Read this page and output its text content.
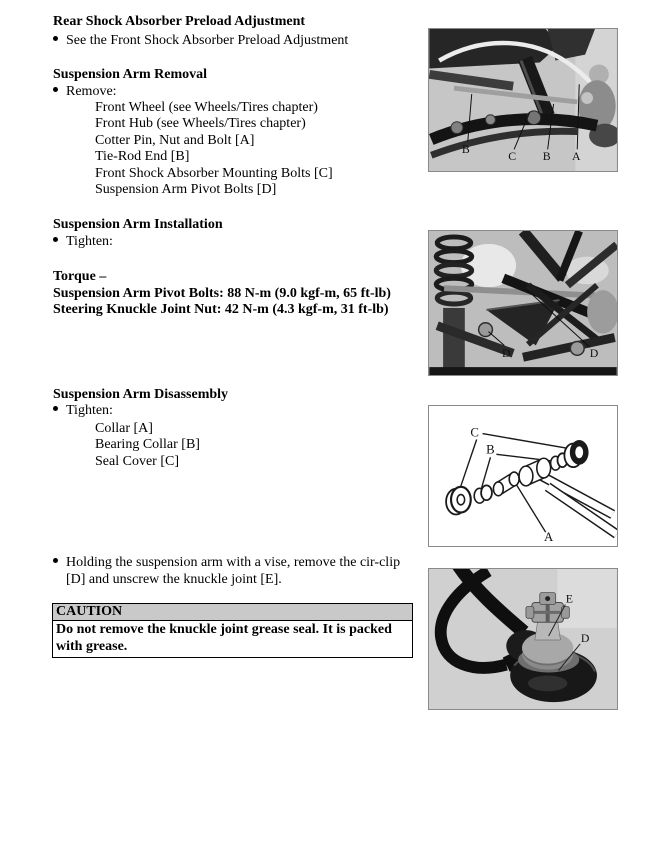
Rear Shock Absorber Preload Adjustment
See the Front Shock Absorber Preload Adjustment
Suspension Arm Removal
Remove:
Front Wheel (see Wheels/Tires chapter)
Front Hub (see Wheels/Tires chapter)
Cotter Pin, Nut and Bolt [A]
Tie-Rod End [B]
Front Shock Absorber Mounting Bolts [C]
Suspension Arm Pivot Bolts [D]
Suspension Arm Installation
Tighten:
Torque –
Suspension Arm Pivot Bolts: 88 N-m (9.0 kgf-m, 65 ft-lb)
Steering Knuckle Joint Nut: 42 N-m (4.3 kgf-m, 31 ft-lb)
Suspension Arm Disassembly
Tighten:
Collar [A]
Bearing Collar [B]
Seal Cover [C]
Holding the suspension arm with a vise, remove the cir-clip
[D] and unscrew the knuckle joint [E].
CAUTION
Do not remove the knuckle joint grease seal. It is packed
with grease.
B	C B A
D	D
C
B
A
E
D
